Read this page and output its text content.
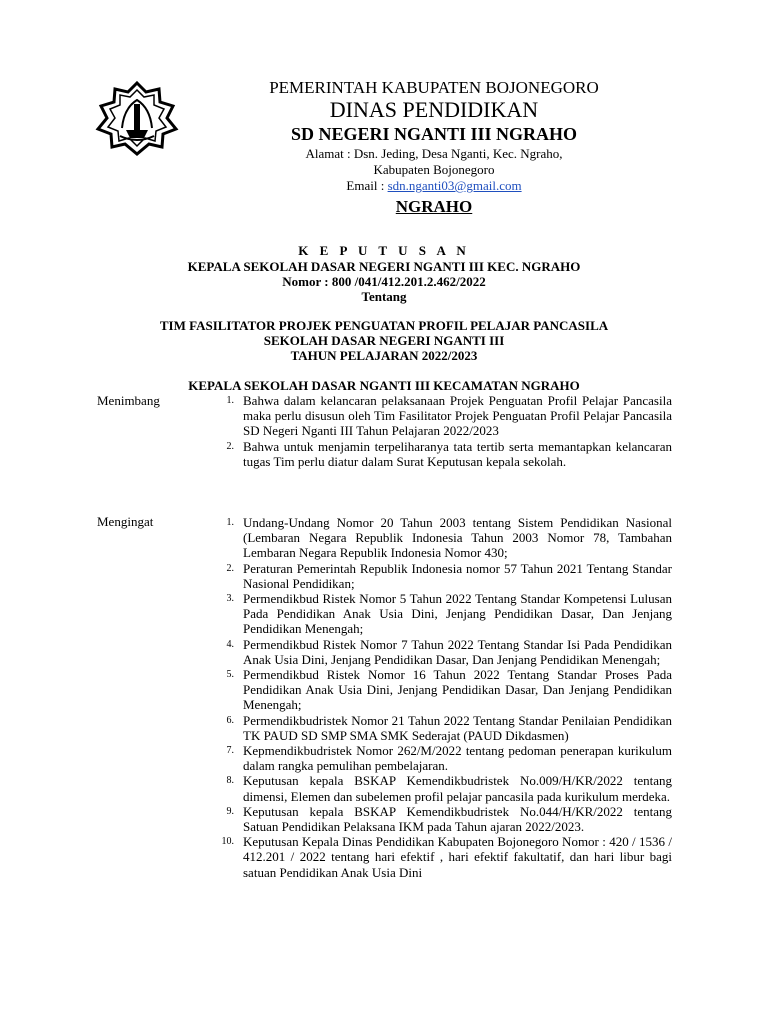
PEMERINTAH KABUPATEN BOJONEGORO
DINAS PENDIDIKAN
SD NEGERI NGANTI III NGRAHO
Alamat : Dsn. Jeding, Desa Nganti, Kec. Ngraho,
Kabupaten Bojonegoro
Email : sdn.nganti03@gmail.com
NGRAHO
K E P U T U S A N
KEPALA SEKOLAH DASAR NEGERI NGANTI III KEC. NGRAHO
Nomor : 800 /041/412.201.2.462/2022
Tentang
TIM FASILITATOR PROJEK PENGUATAN PROFIL PELAJAR PANCASILA
SEKOLAH DASAR NEGERI NGANTI III
TAHUN PELAJARAN 2022/2023
KEPALA SEKOLAH DASAR NGANTI III KECAMATAN NGRAHO
Menimbang	1. Bahwa dalam kelancaran pelaksanaan Projek Penguatan Profil Pelajar Pancasila maka perlu disusun oleh Tim Fasilitator Projek Penguatan Profil Pelajar Pancasila SD Negeri Nganti III Tahun Pelajaran 2022/2023
2. Bahwa untuk menjamin terpeliharanya tata tertib serta memantapkan kelancaran tugas Tim perlu diatur dalam Surat Keputusan kepala sekolah.
Mengingat	1. Undang-Undang Nomor 20 Tahun 2003 tentang Sistem Pendidikan Nasional (Lembaran Negara Republik Indonesia Tahun 2003 Nomor 78, Tambahan Lembaran Negara Republik Indonesia Nomor 430;
2. Peraturan Pemerintah Republik Indonesia nomor 57 Tahun 2021 Tentang Standar Nasional Pendidikan;
3. Permendikbud Ristek Nomor 5 Tahun 2022 Tentang Standar Kompetensi Lulusan Pada Pendidikan Anak Usia Dini, Jenjang Pendidikan Dasar, Dan Jenjang Pendidikan Menengah;
4. Permendikbud Ristek Nomor 7 Tahun 2022 Tentang Standar Isi Pada Pendidikan Anak Usia Dini, Jenjang Pendidikan Dasar, Dan Jenjang Pendidikan Menengah;
5. Permendikbud Ristek Nomor 16 Tahun 2022 Tentang Standar Proses Pada Pendidikan Anak Usia Dini, Jenjang Pendidikan Dasar, Dan Jenjang Pendidikan Menengah;
6. Permendikbudristek Nomor 21 Tahun 2022 Tentang Standar Penilaian Pendidikan TK PAUD SD SMP SMA SMK Sederajat (PAUD Dikdasmen)
7. Kepmendikbudristek Nomor 262/M/2022 tentang pedoman penerapan kurikulum dalam rangka pemulihan pembelajaran.
8. Keputusan kepala BSKAP Kemendikbudristek No.009/H/KR/2022 tentang dimensi, Elemen dan subelemen profil pelajar pancasila pada kurikulum merdeka.
9. Keputusan kepala BSKAP Kemendikbudristek No.044/H/KR/2022 tentang Satuan Pendidikan Pelaksana IKM pada Tahun ajaran 2022/2023.
10. Keputusan Kepala Dinas Pendidikan Kabupaten Bojonegoro Nomor : 420 / 1536 / 412.201 / 2022 tentang hari efektif , hari efektif fakultatif, dan hari libur bagi satuan Pendidikan Anak Usia Dini
